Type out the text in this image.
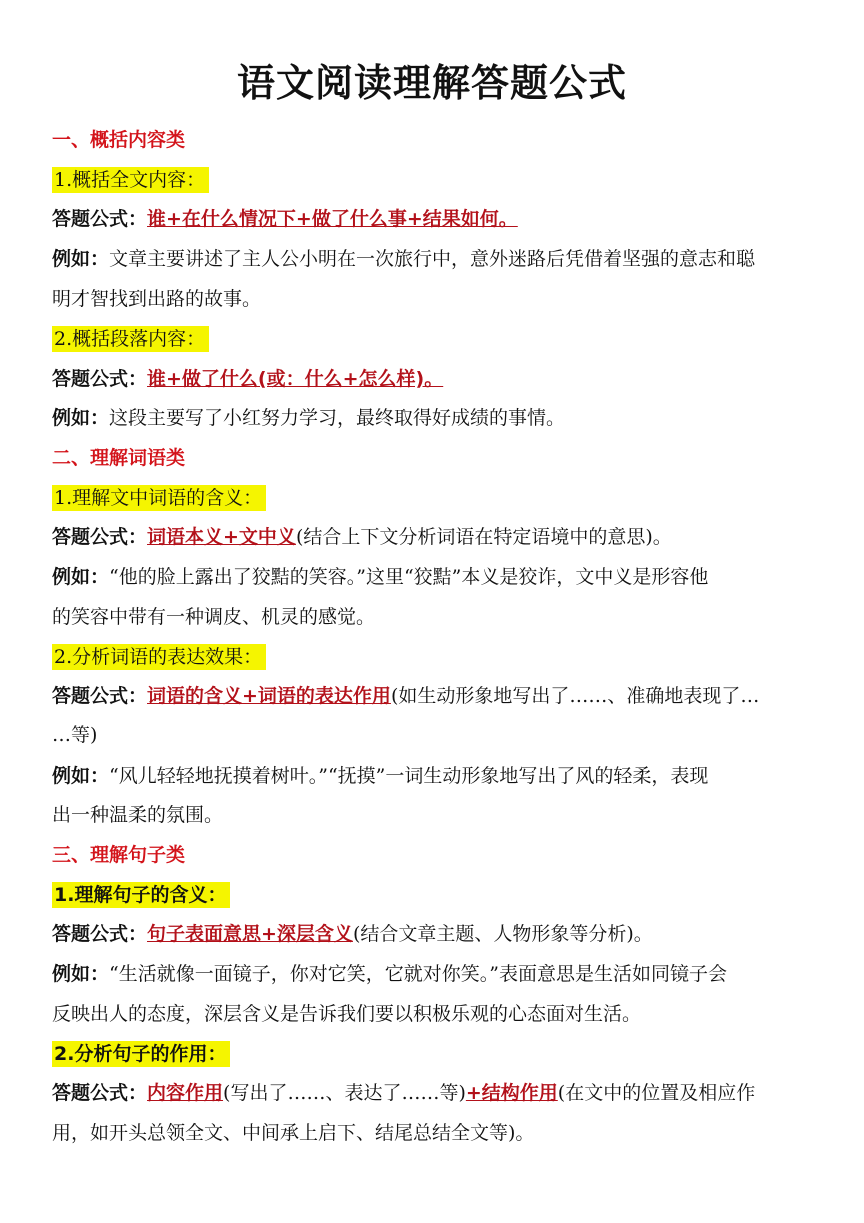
语文阅读理解答题公式
一、概括内容类
1.概括全文内容：
答题公式：谁+在什么情况下+做了什么事+结果如何。
例如：文章主要讲述了主人公小明在一次旅行中，意外迷路后凭借着坚强的意志和聪
明才智找到出路的故事。
2.概括段落内容：
答题公式：谁+做了什么(或：什么+怎么样)。
例如：这段主要写了小红努力学习，最终取得好成绩的事情。
二、理解词语类
1.理解文中词语的含义：
答题公式：词语本义+文中义(结合上下文分析词语在特定语境中的意思)。
例如：“他的脸上露出了狡黠的笑容。”这里“狡黠”本义是狡诈，文中义是形容他
的笑容中带有一种调皮、机灵的感觉。
2.分析词语的表达效果：
答题公式：词语的含义+词语的表达作用(如生动形象地写出了……、准确地表现了…
…等)
例如：“风儿轻轻地抚摸着树叶。”“抚摸”一词生动形象地写出了风的轻柔，表现
出一种温柔的氛围。
三、理解句子类
1.理解句子的含义：
答题公式：句子表面意思+深层含义(结合文章主题、人物形象等分析)。
例如：“生活就像一面镜子，你对它笑，它就对你笑。”表面意思是生活如同镜子会
反映出人的态度，深层含义是告诉我们要以积极乐观的心态面对生活。
2.分析句子的作用：
答题公式：内容作用(写出了……、表达了……等)+结构作用(在文中的位置及相应作
用，如开头总领全文、中间承上启下、结尾总结全文等)。
